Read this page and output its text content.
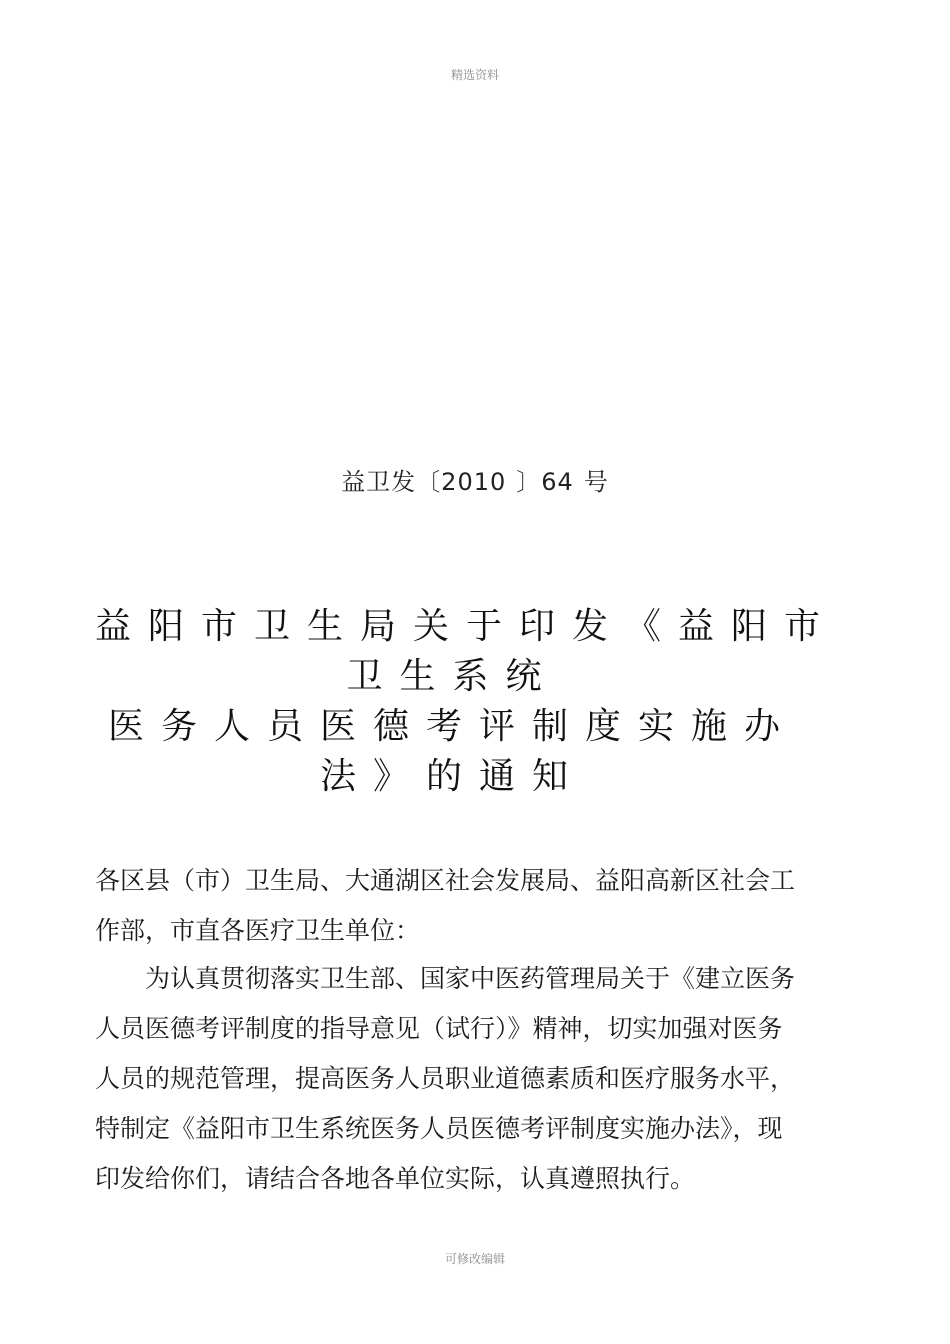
精选资料
益卫发〔2010 〕64 号
益阳市卫生局关于印发《益阳市
卫生系统
医务人员医德考评制度实施办
法》的通知
各区县（市）卫生局、大通湖区社会发展局、益阳高新区社会工
作部，市直各医疗卫生单位：
为认真贯彻落实卫生部、国家中医药管理局关于《建立医务
人员医德考评制度的指导意见（试行）》精神，切实加强对医务
人员的规范管理，提高医务人员职业道德素质和医疗服务水平，
特制定《益阳市卫生系统医务人员医德考评制度实施办法》，现
印发给你们，请结合各地各单位实际，认真遵照执行。
可修改编辑
